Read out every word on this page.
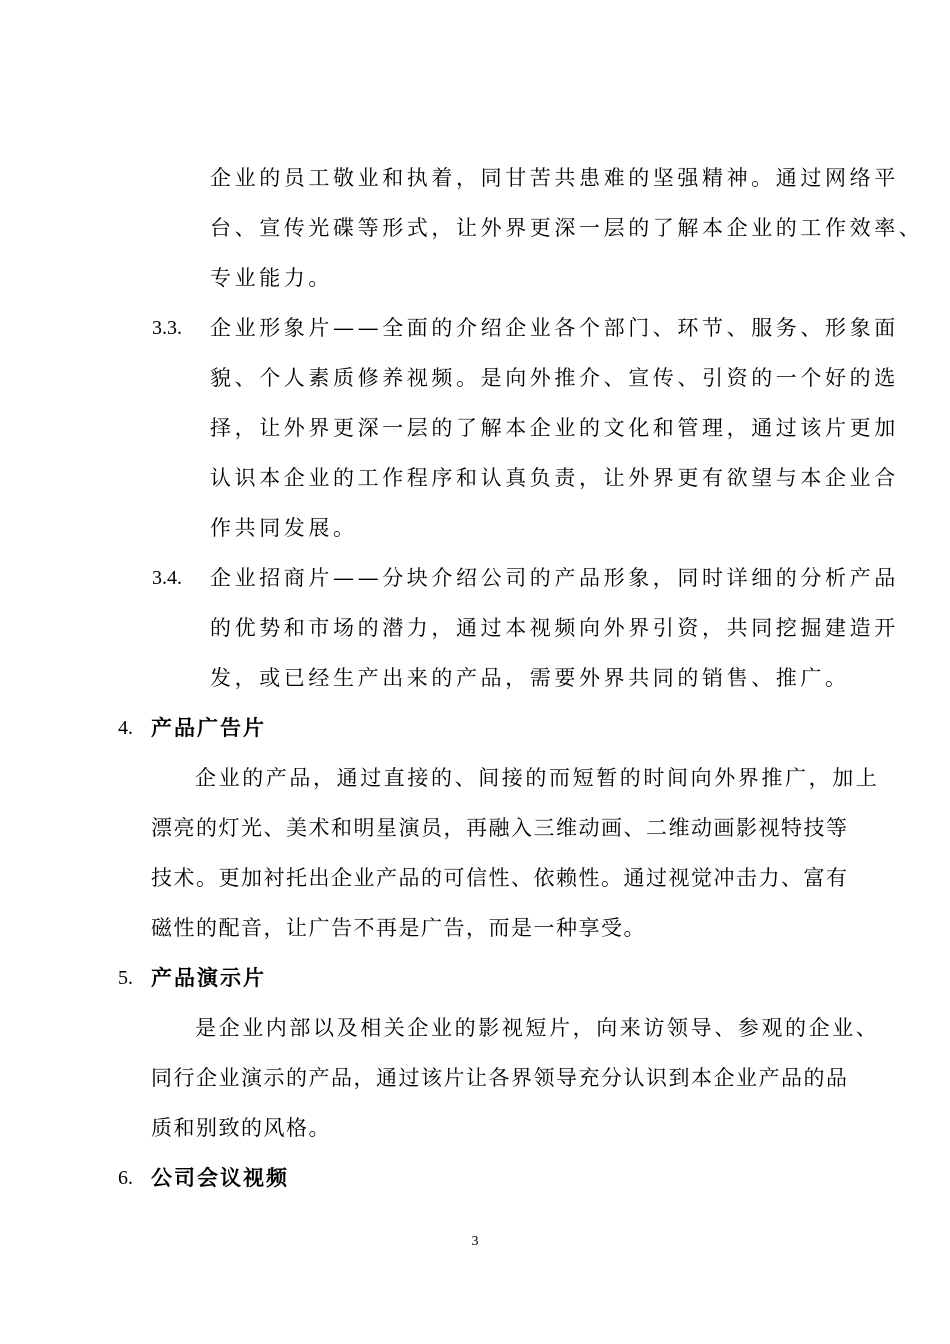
企业的员工敬业和执着，同甘苦共患难的坚强精神。通过网络平
台、宣传光碟等形式，让外界更深一层的了解本企业的工作效率、
专业能力。
3.3. 企业形象片——全面的介绍企业各个部门、环节、服务、形象面
貌、个人素质修养视频。是向外推介、宣传、引资的一个好的选
择，让外界更深一层的了解本企业的文化和管理，通过该片更加
认识本企业的工作程序和认真负责，让外界更有欲望与本企业合
作共同发展。
3.4. 企业招商片——分块介绍公司的产品形象，同时详细的分析产品
的优势和市场的潜力，通过本视频向外界引资，共同挖掘建造开
发，或已经生产出来的产品，需要外界共同的销售、推广。
4. 产品广告片
企业的产品，通过直接的、间接的而短暂的时间向外界推广，加上
漂亮的灯光、美术和明星演员，再融入三维动画、二维动画影视特技等
技术。更加衬托出企业产品的可信性、依赖性。通过视觉冲击力、富有
磁性的配音，让广告不再是广告，而是一种享受。
5. 产品演示片
是企业内部以及相关企业的影视短片，向来访领导、参观的企业、
同行企业演示的产品，通过该片让各界领导充分认识到本企业产品的品
质和别致的风格。
6. 公司会议视频
3
